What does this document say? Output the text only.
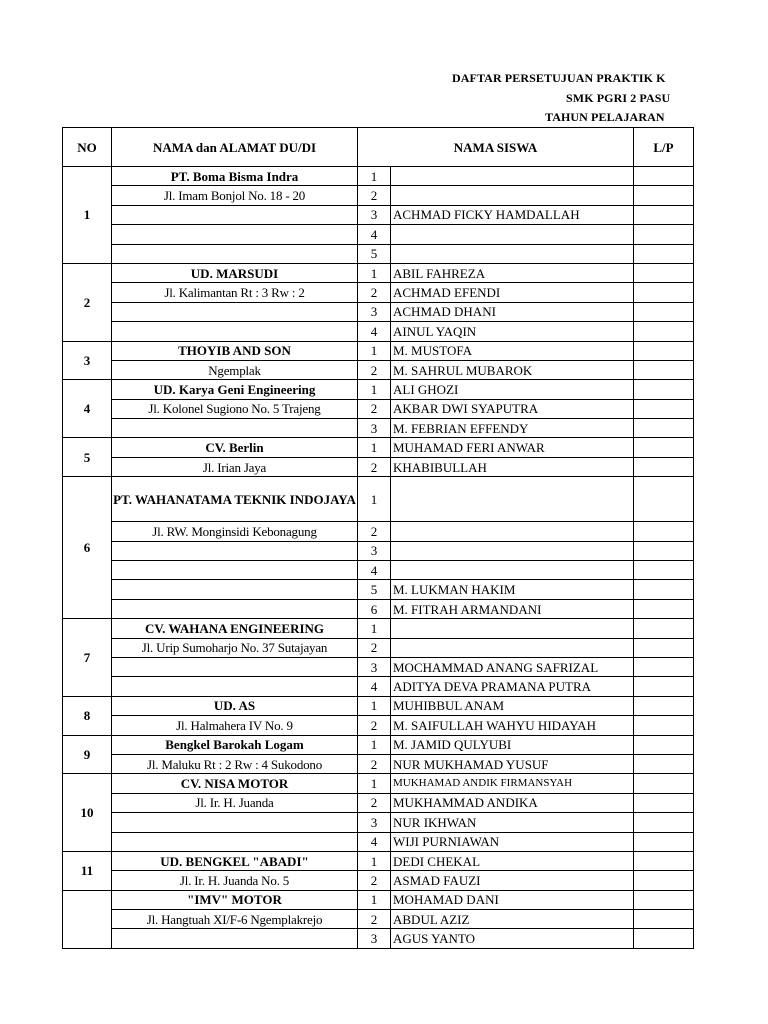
DAFTAR PERSETUJUAN PRAKTIK K
SMK PGRI 2 PASU
TAHUN PELAJARAN
NO	NAMA dan ALAMAT DU/DI	NAMA SISWA		L/P
1	PT. Boma Bisma Indra	1		
	Jl. Imam Bonjol No. 18 - 20	2		
		3	ACHMAD FICKY HAMDALLAH	
		4		
		5		
2	UD. MARSUDI	1	ABIL FAHREZA	
	Jl. Kalimantan Rt : 3 Rw : 2	2	ACHMAD EFENDI	
		3	ACHMAD DHANI	
		4	AINUL YAQIN	
3	THOYIB AND SON	1	M. MUSTOFA	
	Ngemplak	2	M. SAHRUL MUBAROK	
4	UD. Karya Geni Engineering	1	ALI GHOZI	
	Jl. Kolonel Sugiono No. 5 Trajeng	2	AKBAR DWI SYAPUTRA	
		3	M. FEBRIAN EFFENDY	
5	CV. Berlin	1	MUHAMAD FERI ANWAR	
	Jl. Irian Jaya	2	KHABIBULLAH	
6	PT. WAHANATAMA TEKNIK INDOJAYA	1		
	Jl. RW. Monginsidi Kebonagung	2		
		3		
		4		
		5	M. LUKMAN HAKIM	
		6	M. FITRAH ARMANDANI	
7	CV. WAHANA ENGINEERING	1		
	Jl. Urip Sumoharjo No. 37 Sutajayan	2		
		3	MOCHAMMAD ANANG SAFRIZAL	
		4	ADITYA DEVA PRAMANA PUTRA	
8	UD. AS	1	MUHIBBUL ANAM	
	Jl. Halmahera IV No. 9	2	M. SAIFULLAH WAHYU HIDAYAH	
9	Bengkel Barokah Logam	1	M. JAMID QULYUBI	
	Jl. Maluku Rt : 2 Rw : 4 Sukodono	2	NUR MUKHAMAD YUSUF	
10	CV. NISA MOTOR	1	MUKHAMAD ANDIK FIRMANSYAH	
	Jl. Ir. H. Juanda	2	MUKHAMMAD ANDIKA	
		3	NUR IKHWAN	
		4	WIJI PURNIAWAN	
11	UD. BENGKEL "ABADI"	1	DEDI CHEKAL	
	Jl. Ir. H. Juanda No. 5	2	ASMAD FAUZI	
	"IMV" MOTOR	1	MOHAMAD DANI	
	Jl. Hangtuah XI/F-6 Ngemplakrejo	2	ABDUL AZIZ	
		3	AGUS YANTO	
